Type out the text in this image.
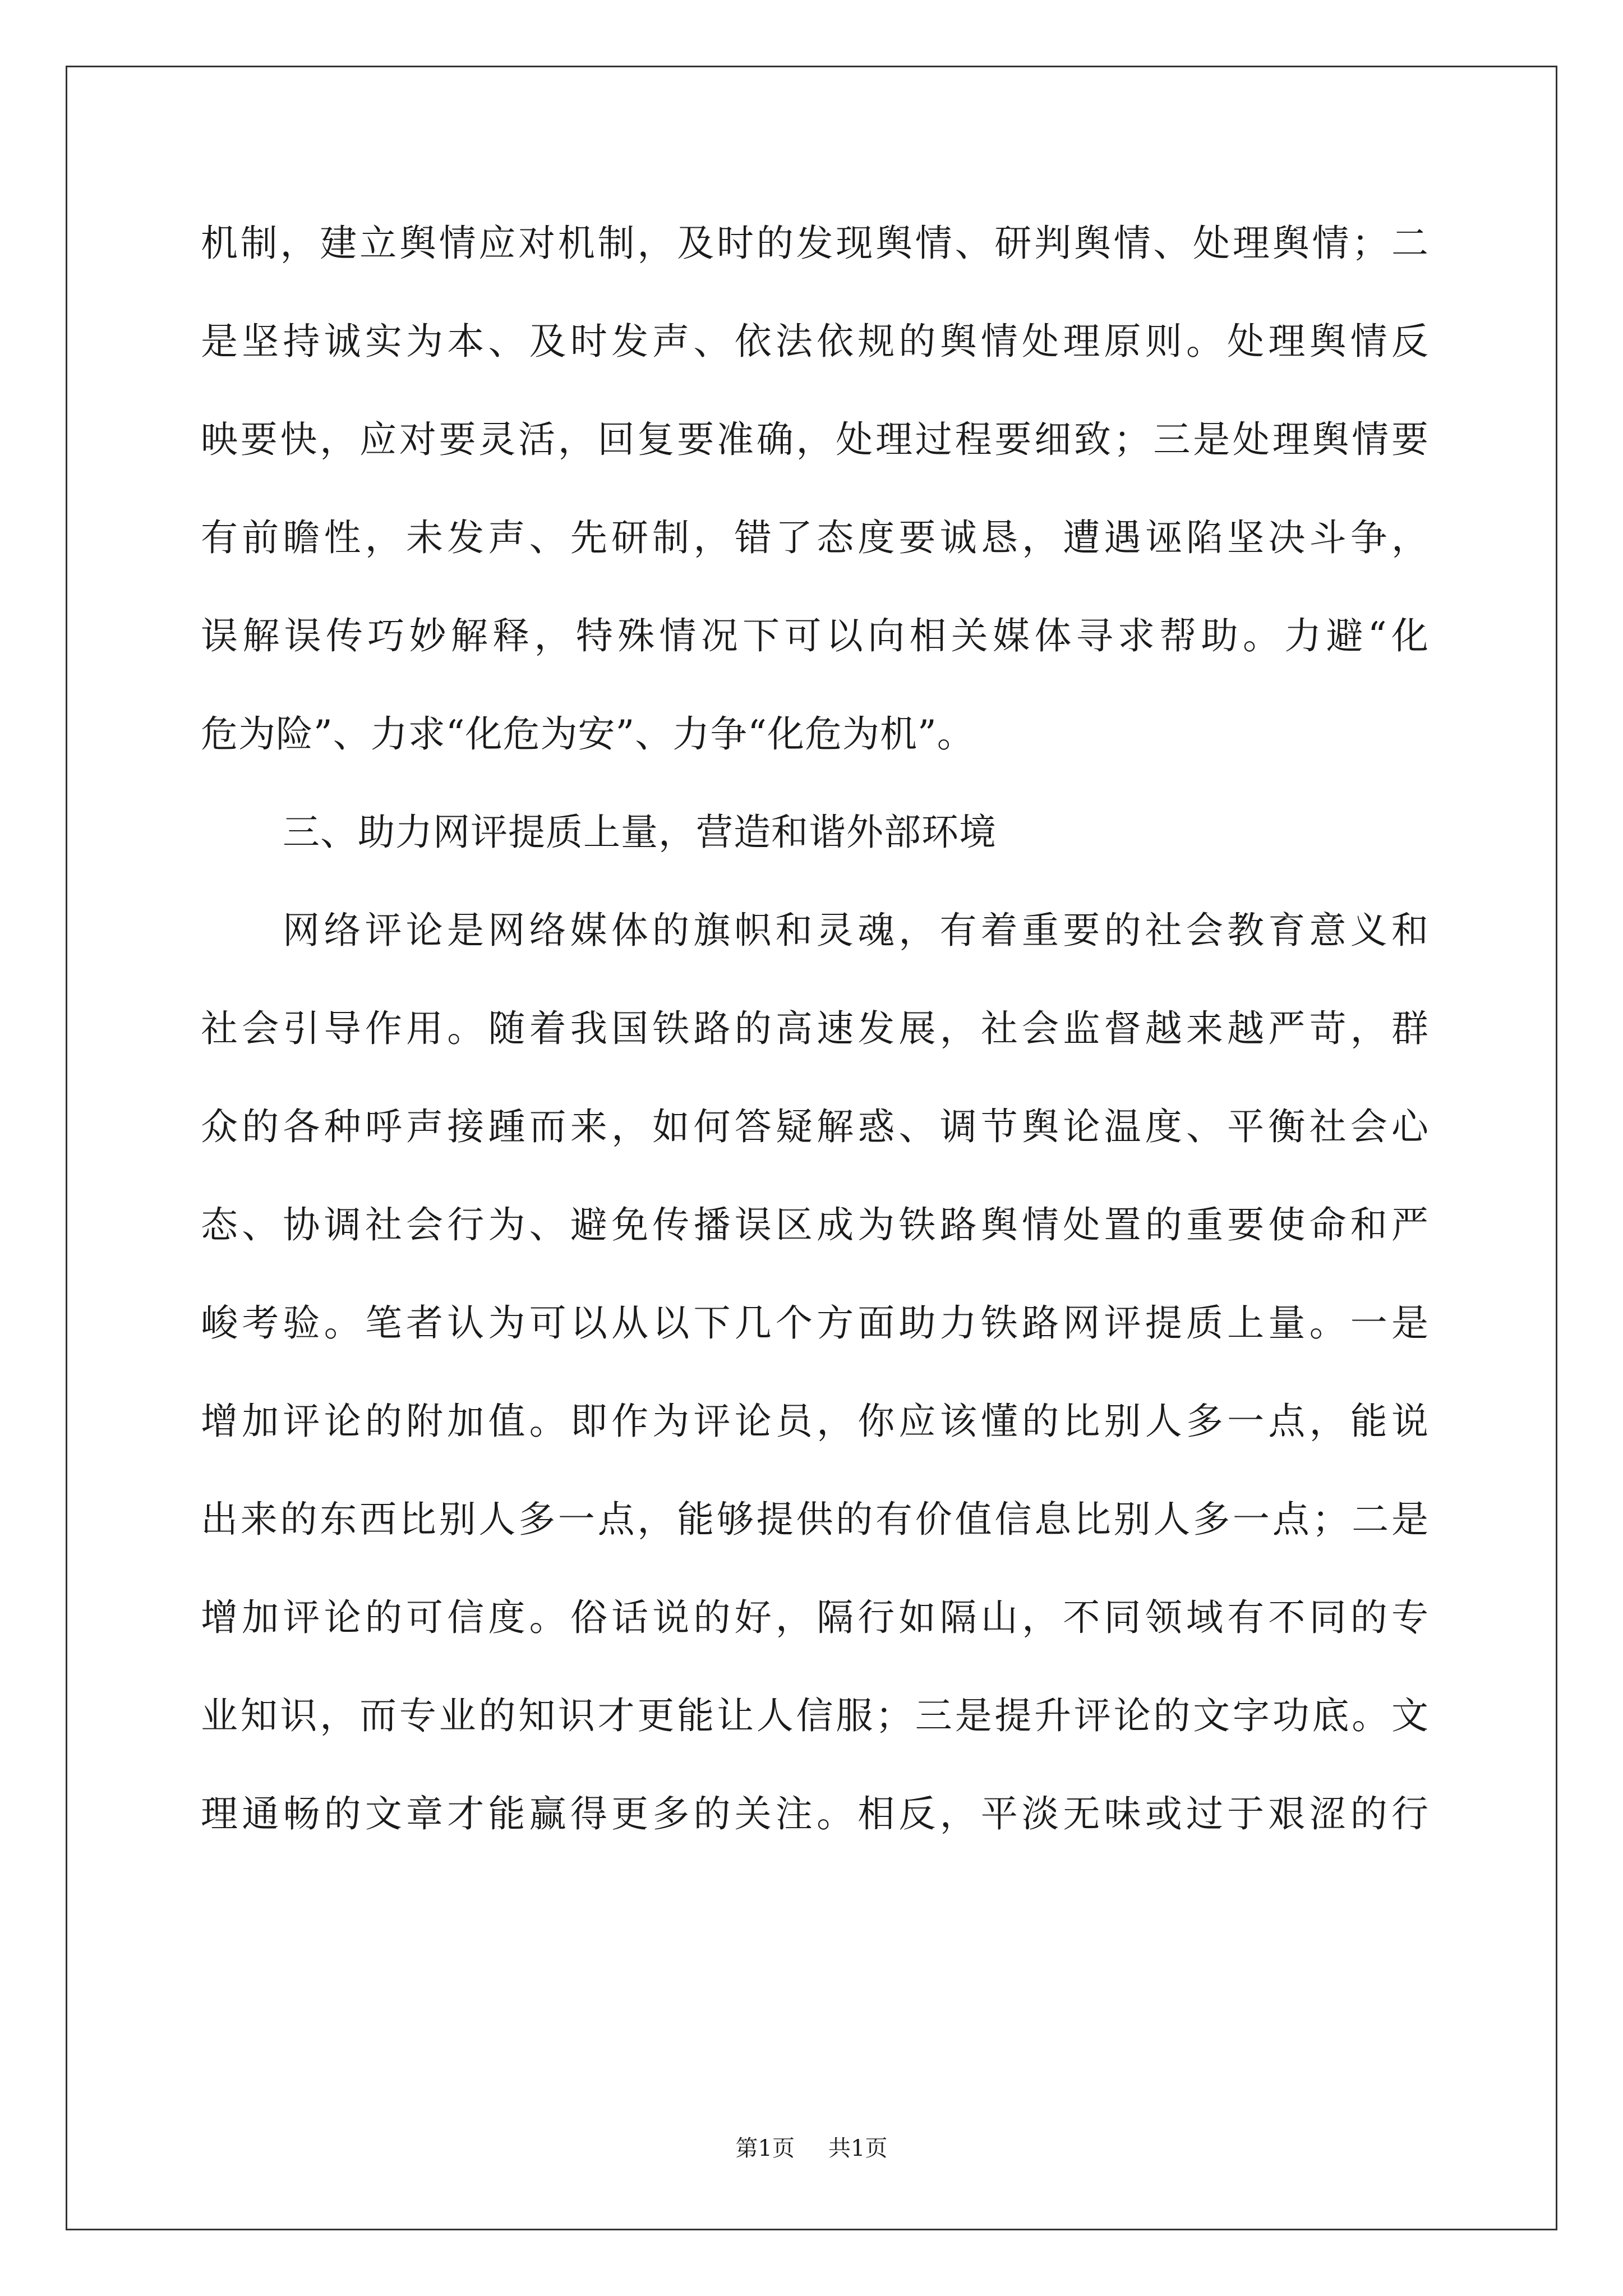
机制，建立舆情应对机制，及时的发现舆情、研判舆情、处理舆情；二
是坚持诚实为本、及时发声、依法依规的舆情处理原则。处理舆情反
映要快，应对要灵活，回复要准确，处理过程要细致；三是处理舆情要
有前瞻性，未发声、先研制，错了态度要诚恳，遭遇诬陷坚决斗争，
误解误传巧妙解释，特殊情况下可以向相关媒体寻求帮助。力避“化
危为险”、力求“化危为安”、力争“化危为机”。
三、助力网评提质上量，营造和谐外部环境
网络评论是网络媒体的旗帜和灵魂，有着重要的社会教育意义和
社会引导作用。随着我国铁路的高速发展，社会监督越来越严苛，群
众的各种呼声接踵而来，如何答疑解惑、调节舆论温度、平衡社会心
态、协调社会行为、避免传播误区成为铁路舆情处置的重要使命和严
峻考验。笔者认为可以从以下几个方面助力铁路网评提质上量。一是
增加评论的附加值。即作为评论员，你应该懂的比别人多一点，能说
出来的东西比别人多一点，能够提供的有价值信息比别人多一点；二是
增加评论的可信度。俗话说的好，隔行如隔山，不同领域有不同的专
业知识，而专业的知识才更能让人信服；三是提升评论的文字功底。文
理通畅的文章才能赢得更多的关注。相反，平淡无味或过于艰涩的行
第1页 共1页
